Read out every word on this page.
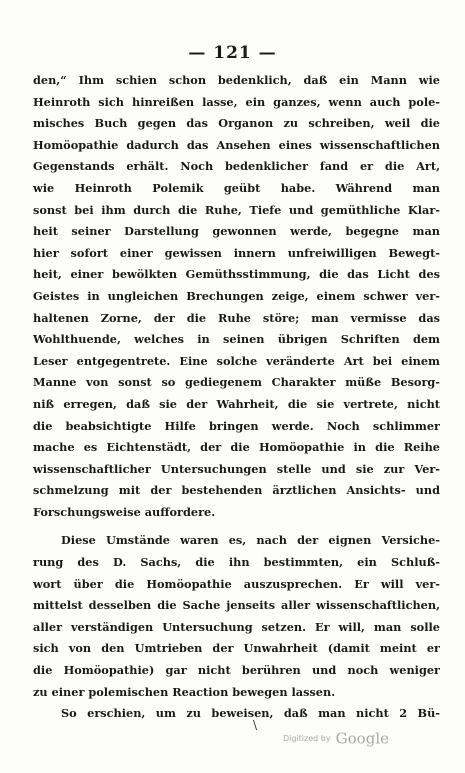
— 121 —
den,“ Ihm schien schon bedenklich, daß ein Mann wie
Heinroth sich hinreißen lasse, ein ganzes, wenn auch pole-
misches Buch gegen das Organon zu schreiben, weil die
Homöopathie dadurch das Ansehen eines wissenschaftlichen
Gegenstands erhält. Noch bedenklicher fand er die Art,
wie Heinroth Polemik geübt habe. Während man
sonst bei ihm durch die Ruhe, Tiefe und gemüthliche Klar-
heit seiner Darstellung gewonnen werde, begegne man
hier sofort einer gewissen innern unfreiwilligen Bewegt-
heit, einer bewölkten Gemüthsstimmung, die das Licht des
Geistes in ungleichen Brechungen zeige, einem schwer ver-
haltenen Zorne, der die Ruhe störe; man vermisse das
Wohlthuende, welches in seinen übrigen Schriften dem
Leser entgegentrete. Eine solche veränderte Art bei einem
Manne von sonst so gediegenem Charakter müße Besorg-
niß erregen, daß sie der Wahrheit, die sie vertrete, nicht
die beabsichtigte Hilfe bringen werde. Noch schlimmer
mache es Eichtenstädt, der die Homöopathie in die Reihe
wissenschaftlicher Untersuchungen stelle und sie zur Ver-
schmelzung mit der bestehenden ärztlichen Ansichts- und
Forschungsweise auffordere.
Diese Umstände waren es, nach der eignen Versiche-
rung des D. Sachs, die ihn bestimmten, ein Schluß-
wort über die Homöopathie auszusprechen. Er will ver-
mittelst desselben die Sache jenseits aller wissenschaftlichen,
aller verständigen Untersuchung setzen. Er will, man solle
sich von den Umtrieben der Unwahrheit (damit meint er
die Homöopathie) gar nicht berühren und noch weniger
zu einer polemischen Reaction bewegen lassen.
So erschien, um zu beweisen, daß man nicht 2 Bü-
\
Digitized by Google
